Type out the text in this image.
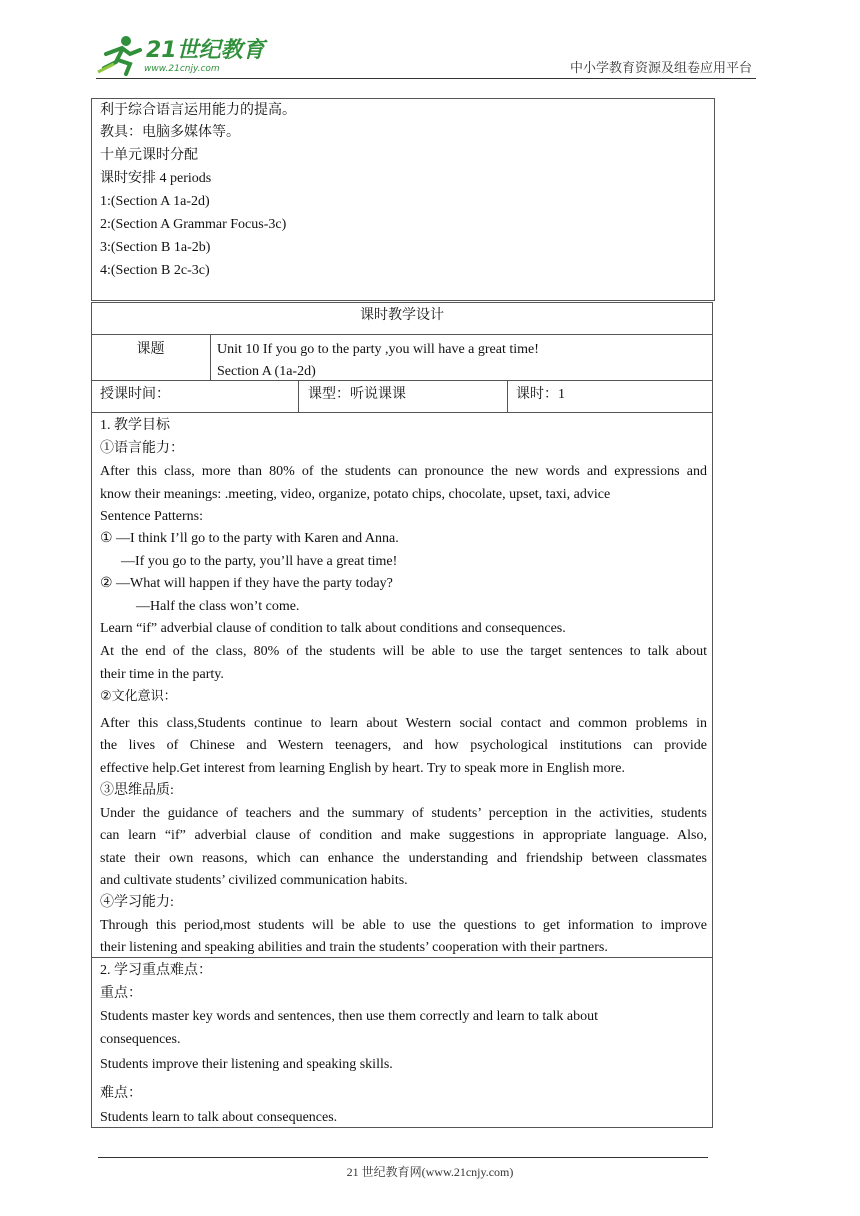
21世纪教育
www.21cnjy.com	中小学教育资源及组卷应用平台
利于综合语言运用能力的提高。
教具：电脑多媒体等。
十单元课时分配
课时安排 4 periods
1:(Section A 1a-2d)
2:(Section A Grammar Focus-3c)
3:(Section B 1a-2b)
4:(Section B 2c-3c)
课时教学设计
课题	Unit 10 If you go to the party ,you will have a great time!
Section A (1a-2d)
授课时间：	课型：听说课课	课时：1
1. 教学目标
①语言能力：
After this class, more than 80% of the students can pronounce the new words and expressions and
know their meanings: .meeting, video, organize, potato chips, chocolate, upset, taxi, advice
Sentence Patterns:
① —I think I’ll go to the party with Karen and Anna.
—If you go to the party, you’ll have a great time!
② —What will happen if they have the party today?
—Half the class won’t come.
Learn “if” adverbial clause of condition to talk about conditions and consequences.
At the end of the class, 80% of the students will be able to use the target sentences to talk about
their time in the party.
②文化意识：
After this class,Students continue to learn about Western social contact and common problems in
the lives of Chinese and Western teenagers, and how psychological institutions can provide
effective help.Get interest from learning English by heart. Try to speak more in English more.
③思维品质:
Under the guidance of teachers and the summary of students’ perception in the activities, students
can learn “if” adverbial clause of condition and make suggestions in appropriate language. Also,
state their own reasons, which can enhance the understanding and friendship between classmates
and cultivate students’ civilized communication habits.
④学习能力:
Through this period,most students will be able to use the questions to get information to improve
their listening and speaking abilities and train the students’ cooperation with their partners.
2. 学习重点难点：
重点：
Students master key words and sentences, then use them correctly and learn to talk about
consequences.
Students improve their listening and speaking skills.
难点：
Students learn to talk about consequences.
21 世纪教育网(www.21cnjy.com)
